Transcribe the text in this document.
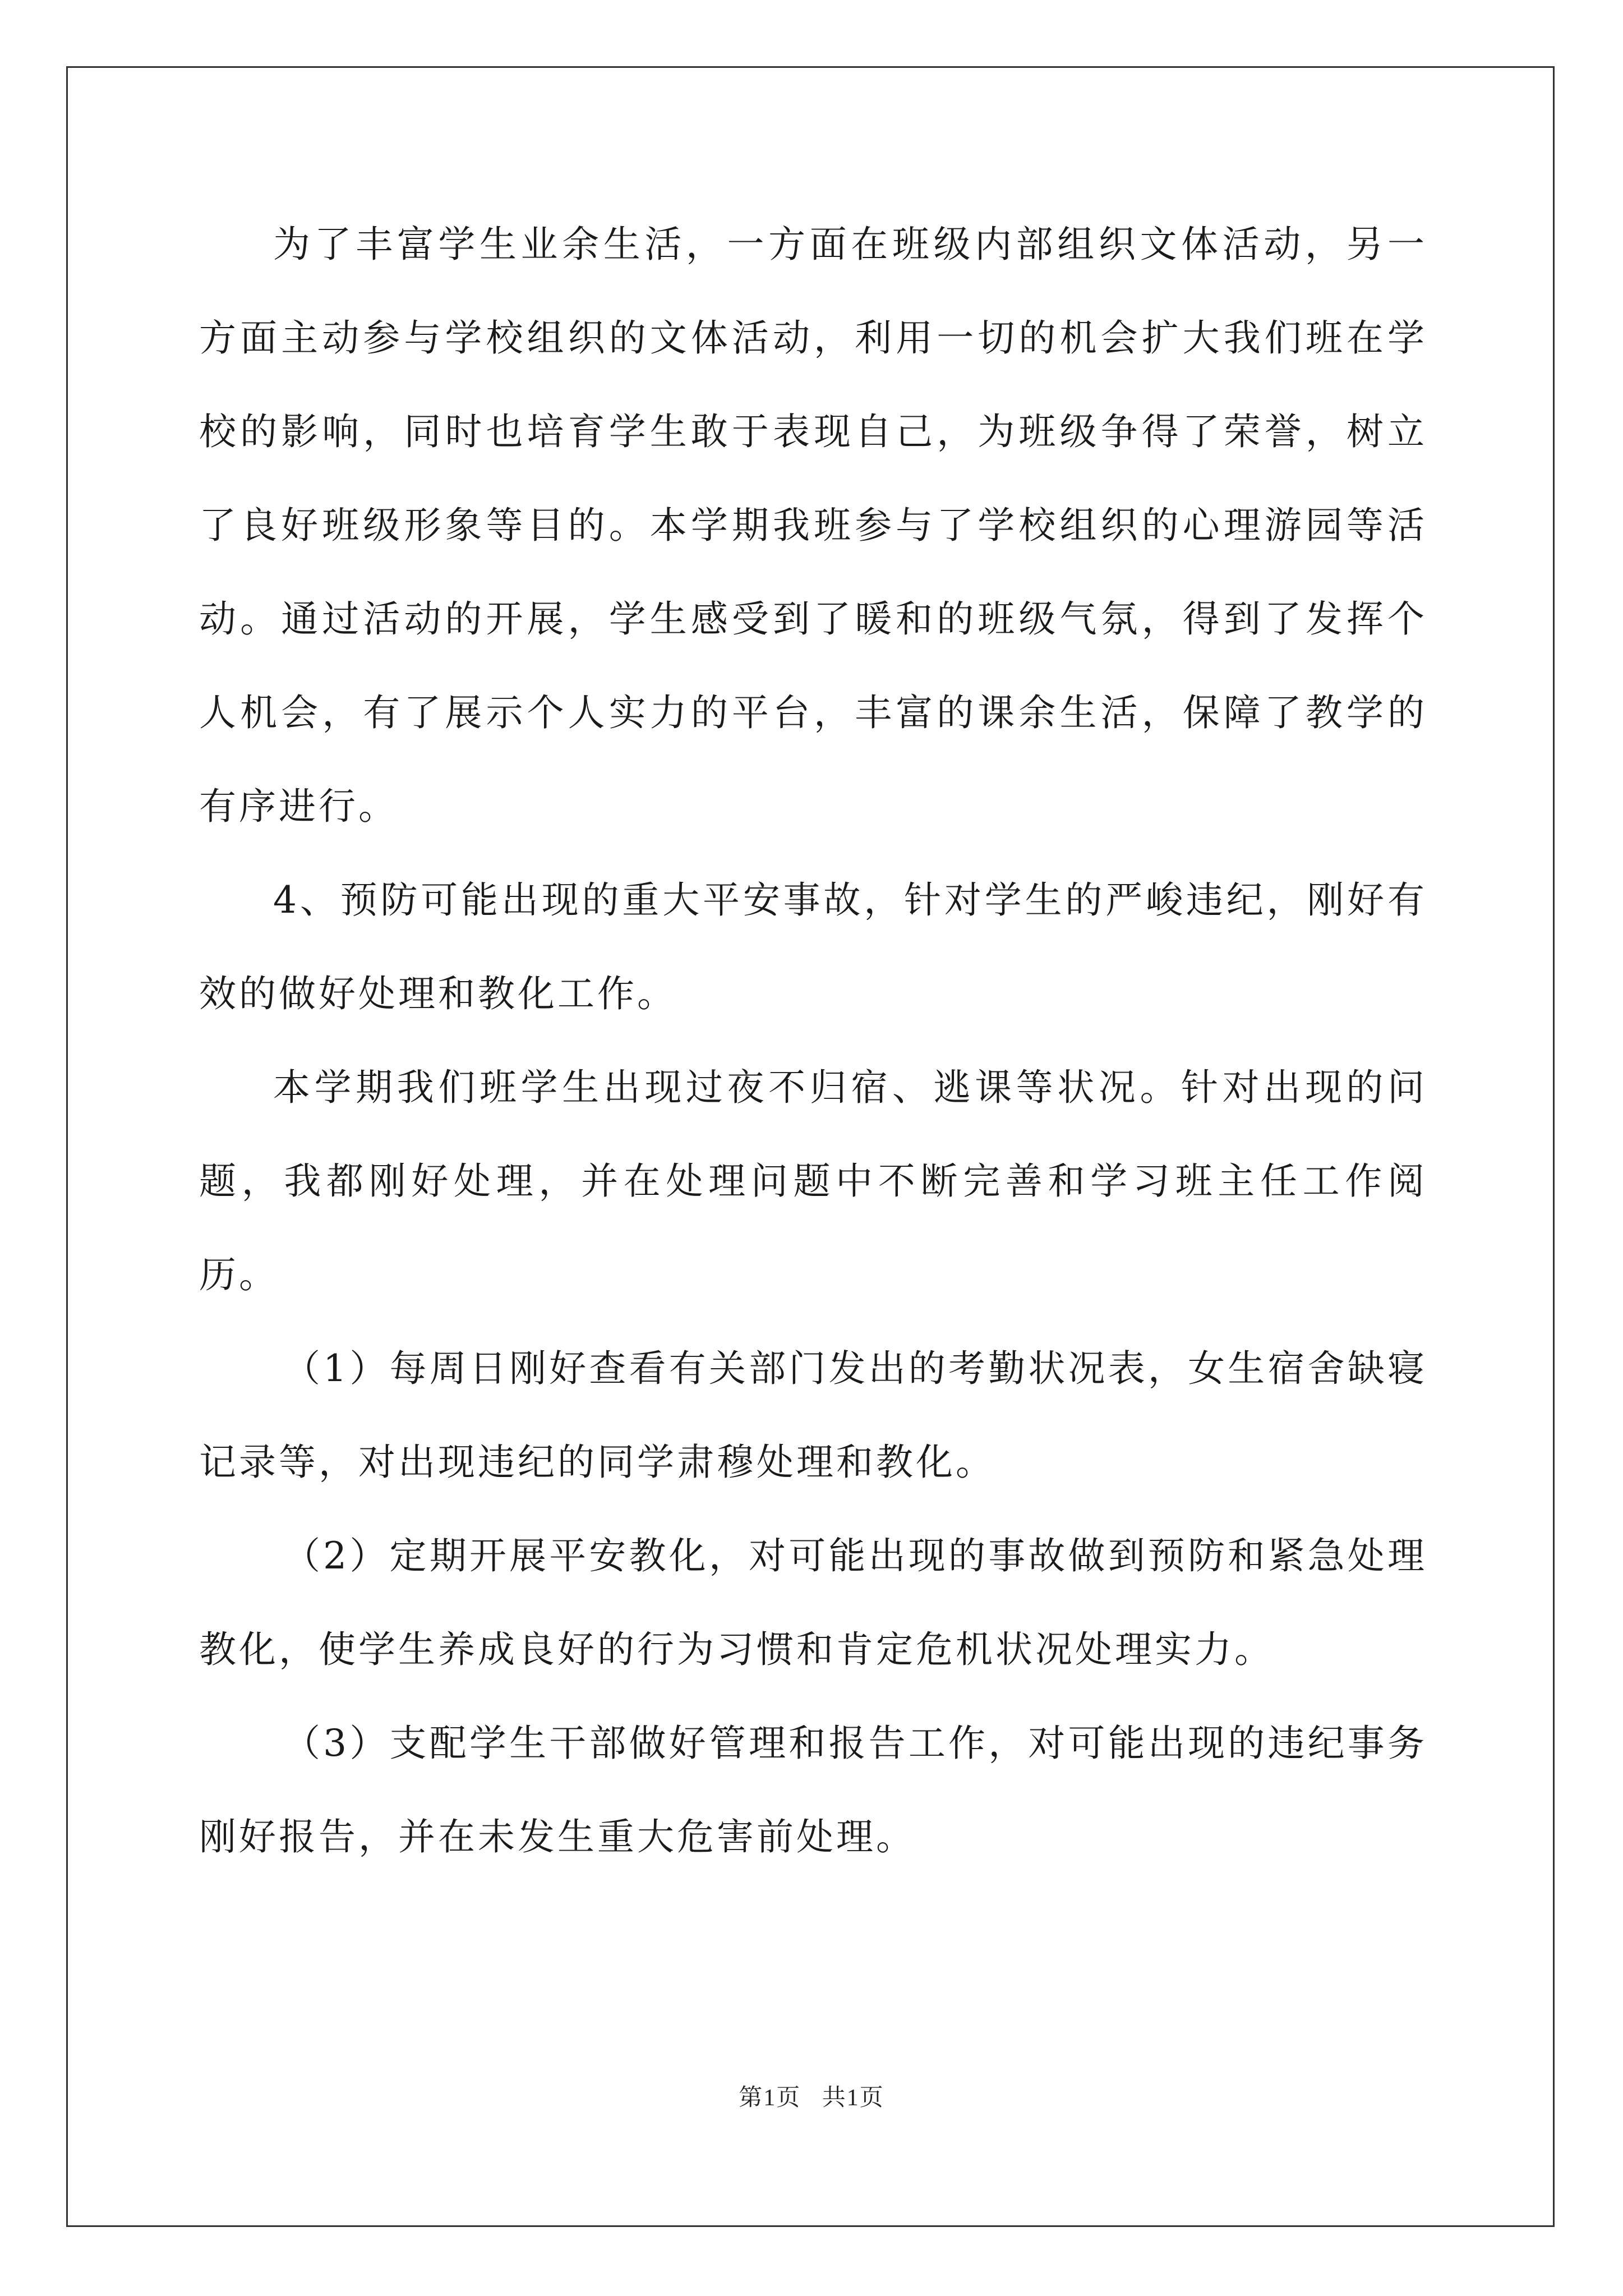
为了丰富学生业余生活，一方面在班级内部组织文体活动，另一方面主动参与学校组织的文体活动，利用一切的机会扩大我们班在学校的影响，同时也培育学生敢于表现自己，为班级争得了荣誉，树立了良好班级形象等目的。本学期我班参与了学校组织的心理游园等活动。通过活动的开展，学生感受到了暖和的班级气氛，得到了发挥个人机会，有了展示个人实力的平台，丰富的课余生活，保障了教学的有序进行。

4、预防可能出现的重大平安事故，针对学生的严峻违纪，刚好有效的做好处理和教化工作。

本学期我们班学生出现过夜不归宿、逃课等状况。针对出现的问题，我都刚好处理，并在处理问题中不断完善和学习班主任工作阅历。

（1）每周日刚好查看有关部门发出的考勤状况表，女生宿舍缺寝记录等，对出现违纪的同学肃穆处理和教化。

（2）定期开展平安教化，对可能出现的事故做到预防和紧急处理教化，使学生养成良好的行为习惯和肯定危机状况处理实力。

（3）支配学生干部做好管理和报告工作，对可能出现的违纪事务刚好报告，并在未发生重大危害前处理。

第1页   共1页
